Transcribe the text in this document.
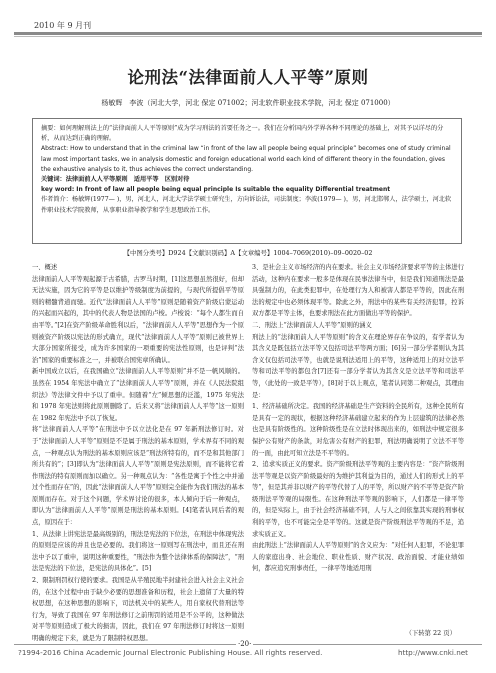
2010 年 9 月刊
论刑法“法律面前人人平等”原则
杨敏辉　李波（河北大学，河北 保定 071002；河北软件职业技术学院，河北 保定 071000）

摘要：如何理解刑法上的“法律面前人人平等原则”成为学习刑法的首要任务之一。我们在分析国内外学界各种不同理论的基础上，对其予以详尽的分析，从而达到正确的理解。

Abstract: How to understand that in the criminal law “in front of the law all people being equal principle” becomes one of study criminal law most important tasks, we in analysis domestic and foreign educational world each kind of different theory in the foundation, gives the exhaustive analysis to it, thus achieves the correct understanding.

关键词：法律面前人人平等原则　适用平等　区别对待

key word: In front of law all people being equal principle Is suitable the equality Differential treatment

作者简介：杨敏辉(1977— )，男，河北人，河北大学法学硕士研究生，方向诉讼法，司法制度；李波(1979— )，男，河北邯郸人，法学硕士，河北软件职业技术学院教师，从事职业指导教学和学生思想政治工作。

【中图分类号】D924【文献识别码】A【文章编号】1004–7069(2010)–09–0020–02

一、概述

法律面前人人平等观起源于古希腊，古罗马时期，[1]这思想虽然很好，但却无法实施，因为它的平等是以维护等级制度为前提的，与现代所提倡平等原则的精髓背道而驰。近代“法律面前人人平等”原则是随着资产阶级启蒙运动的兴起而兴起的，其中的代表人物是法国的卢梭。卢梭说：“每个人都生而自由平等。”[2]在资产阶级革命胜利以后，“法律面前人人平等”思想作为一个原则被资产阶级以宪法的形式确立，现代“法律面前人人平等”原则已被世界上大部分国家所接受，成为许多国家的一项重要的宪法性原则，也是评判“法治”国家的重要标准之一，并被联合国宪章所确认。

新中国成立以后，在我国确立“法律面前人人平等原则”并不是一帆风顺的。虽然在 1954 年宪法中确立了“法律面前人人平等”原则，并在《人民法院组织法》等法律文件中予以了重申。但随着“左”倾思想的泛滥，1975 年宪法和 1978 年宪法则将此原则删除了。后来又将“法律面前人人平等”这一原则在 1982 年宪法中予以了恢复。

将“法律面前人人平等”在刑法中予以立法化是在 97 年新刑法修订时。对于“法律面前人人平等”原则是不是属于刑法的基本原则，学术界有不同的观点，一种观点认为刑法的基本原则应该是“刑法所特有的，而不是和其他部门所共有的”；[3]即认为“法律面前人人平等”原则是宪法原则，而不能将它看作刑法的特有原则而加以确立。另一种观点认为：“各性是寓于个性之中并通过个性而存在”的，因此“法律面前人人平等”原则完全能作为我们刑法的基本原则而存在。对于这个问题，学术界讨论的很多，本人倾向于后一种观点，即认为“法律面前人人平等”原则是刑法的基本原则。[4]笔者认同后者的观点，原因在于：

1、从法律上讲宪法是最高级别的，刑法是宪法的下位法，在刑法中体现宪法的原则是应该的并且也是必要的。我们将这一原则写在刑法中，而且还在刑法中予以了重申，说明这种重要性，“刑法作为整个法律体系的保障法”，“刑法是宪法的下位法，是宪法的具体化”。[5]

2、限制刑罚权行使的要求。我国是从半殖民地半封建社会进入社会主义社会的，在这个过程中由于缺少必要的思想准备和历程，社会上遗留了大量的特权思想，在这种思想的影响下，司法机关中的某些人，用自家权代替刑法等行为，导致了我国在 97 年刑法修订之前刑罚的适用是不公平的，这种做法对平等原则造成了极大的损害，因此，我们在 97 年刑法修订时将这一原则明确的规定下来，就是为了限制特权思想。

3、是社会主义市场经济的内在要求。社会主义市场经济要求平等的主体进行活动，这种内在要求一般多是体现在民事法律当中，但是我们知道刑法是最具强制力的，在此类犯罪中，在处理行为人和被害人都是平等的，因此在刑法的规定中也必须体现平等。除此之外，刑法中的某些有关经济犯罪，控诉双方都是平等主体，也要求刑法在此方面做出平等的保护。

二、刑法上“法律面前人人平等”原则的涵义

刑法上的“法律面前人人平等原则”的含义在理论界存在争议的，有学者认为其含义是既包括立法平等又包括司法平等两方面；[6]另一部分学者则认为其含义仅包括司法平等，也就是说刑法适用上的平等，这种适用上的对立法平等和司法平等的都包含[7]还有一部分学者认为其含义是立法平等和司法平等，（此处的一致是平等），[8]对于以上观点，笔者认同第二种观点，其理由是：

1、经济基础所决定。我国的经济基础是生产资料的全民所有，这种全民所有是具有一定的现状，根据这种经济基础建立起来的作为上层建筑的法律必然也是具有阶级性的。这种阶级性是在立法时体现出来的，如刑法中规定很多保护公有财产的条款，对危害公有财产的犯罪，刑法明确说明了立法不平等的一面，由此可知立法是不平等的。

2、追求实质正义的要求。资产阶级刑法平等观的主要内容是：“资产阶级刑法平等观是以资产阶级最好的为维护其利益为目的，通过人们的形式上的平等”，但是其并非以财产的平等代替了人的平等，所以财产的不平等是资产阶级刑法平等观的局限性。在这种刑法平等观的影响下，人们都是一律平等的，但是实际上，由于社会经济基础不同，人与人之间依靠其实现的刑事权利的平等，也不可能完全是平等的。这就是资产阶级刑法平等观的不足，追求实质正义。

由此刑法上“法律面前人人平等原则”的含义应为：“对任何人犯罪，不论犯罪人的家庭出身、社会地位、职业性质、财产状况、政治面貌、才能业绩如何，都应追究刑事责任，一律平等地适用刑

（下转第 22 页）
·20·
?1994-2016 China Academic Journal Electronic Publishing House. All rights reserved.	http://www.cnki.net
